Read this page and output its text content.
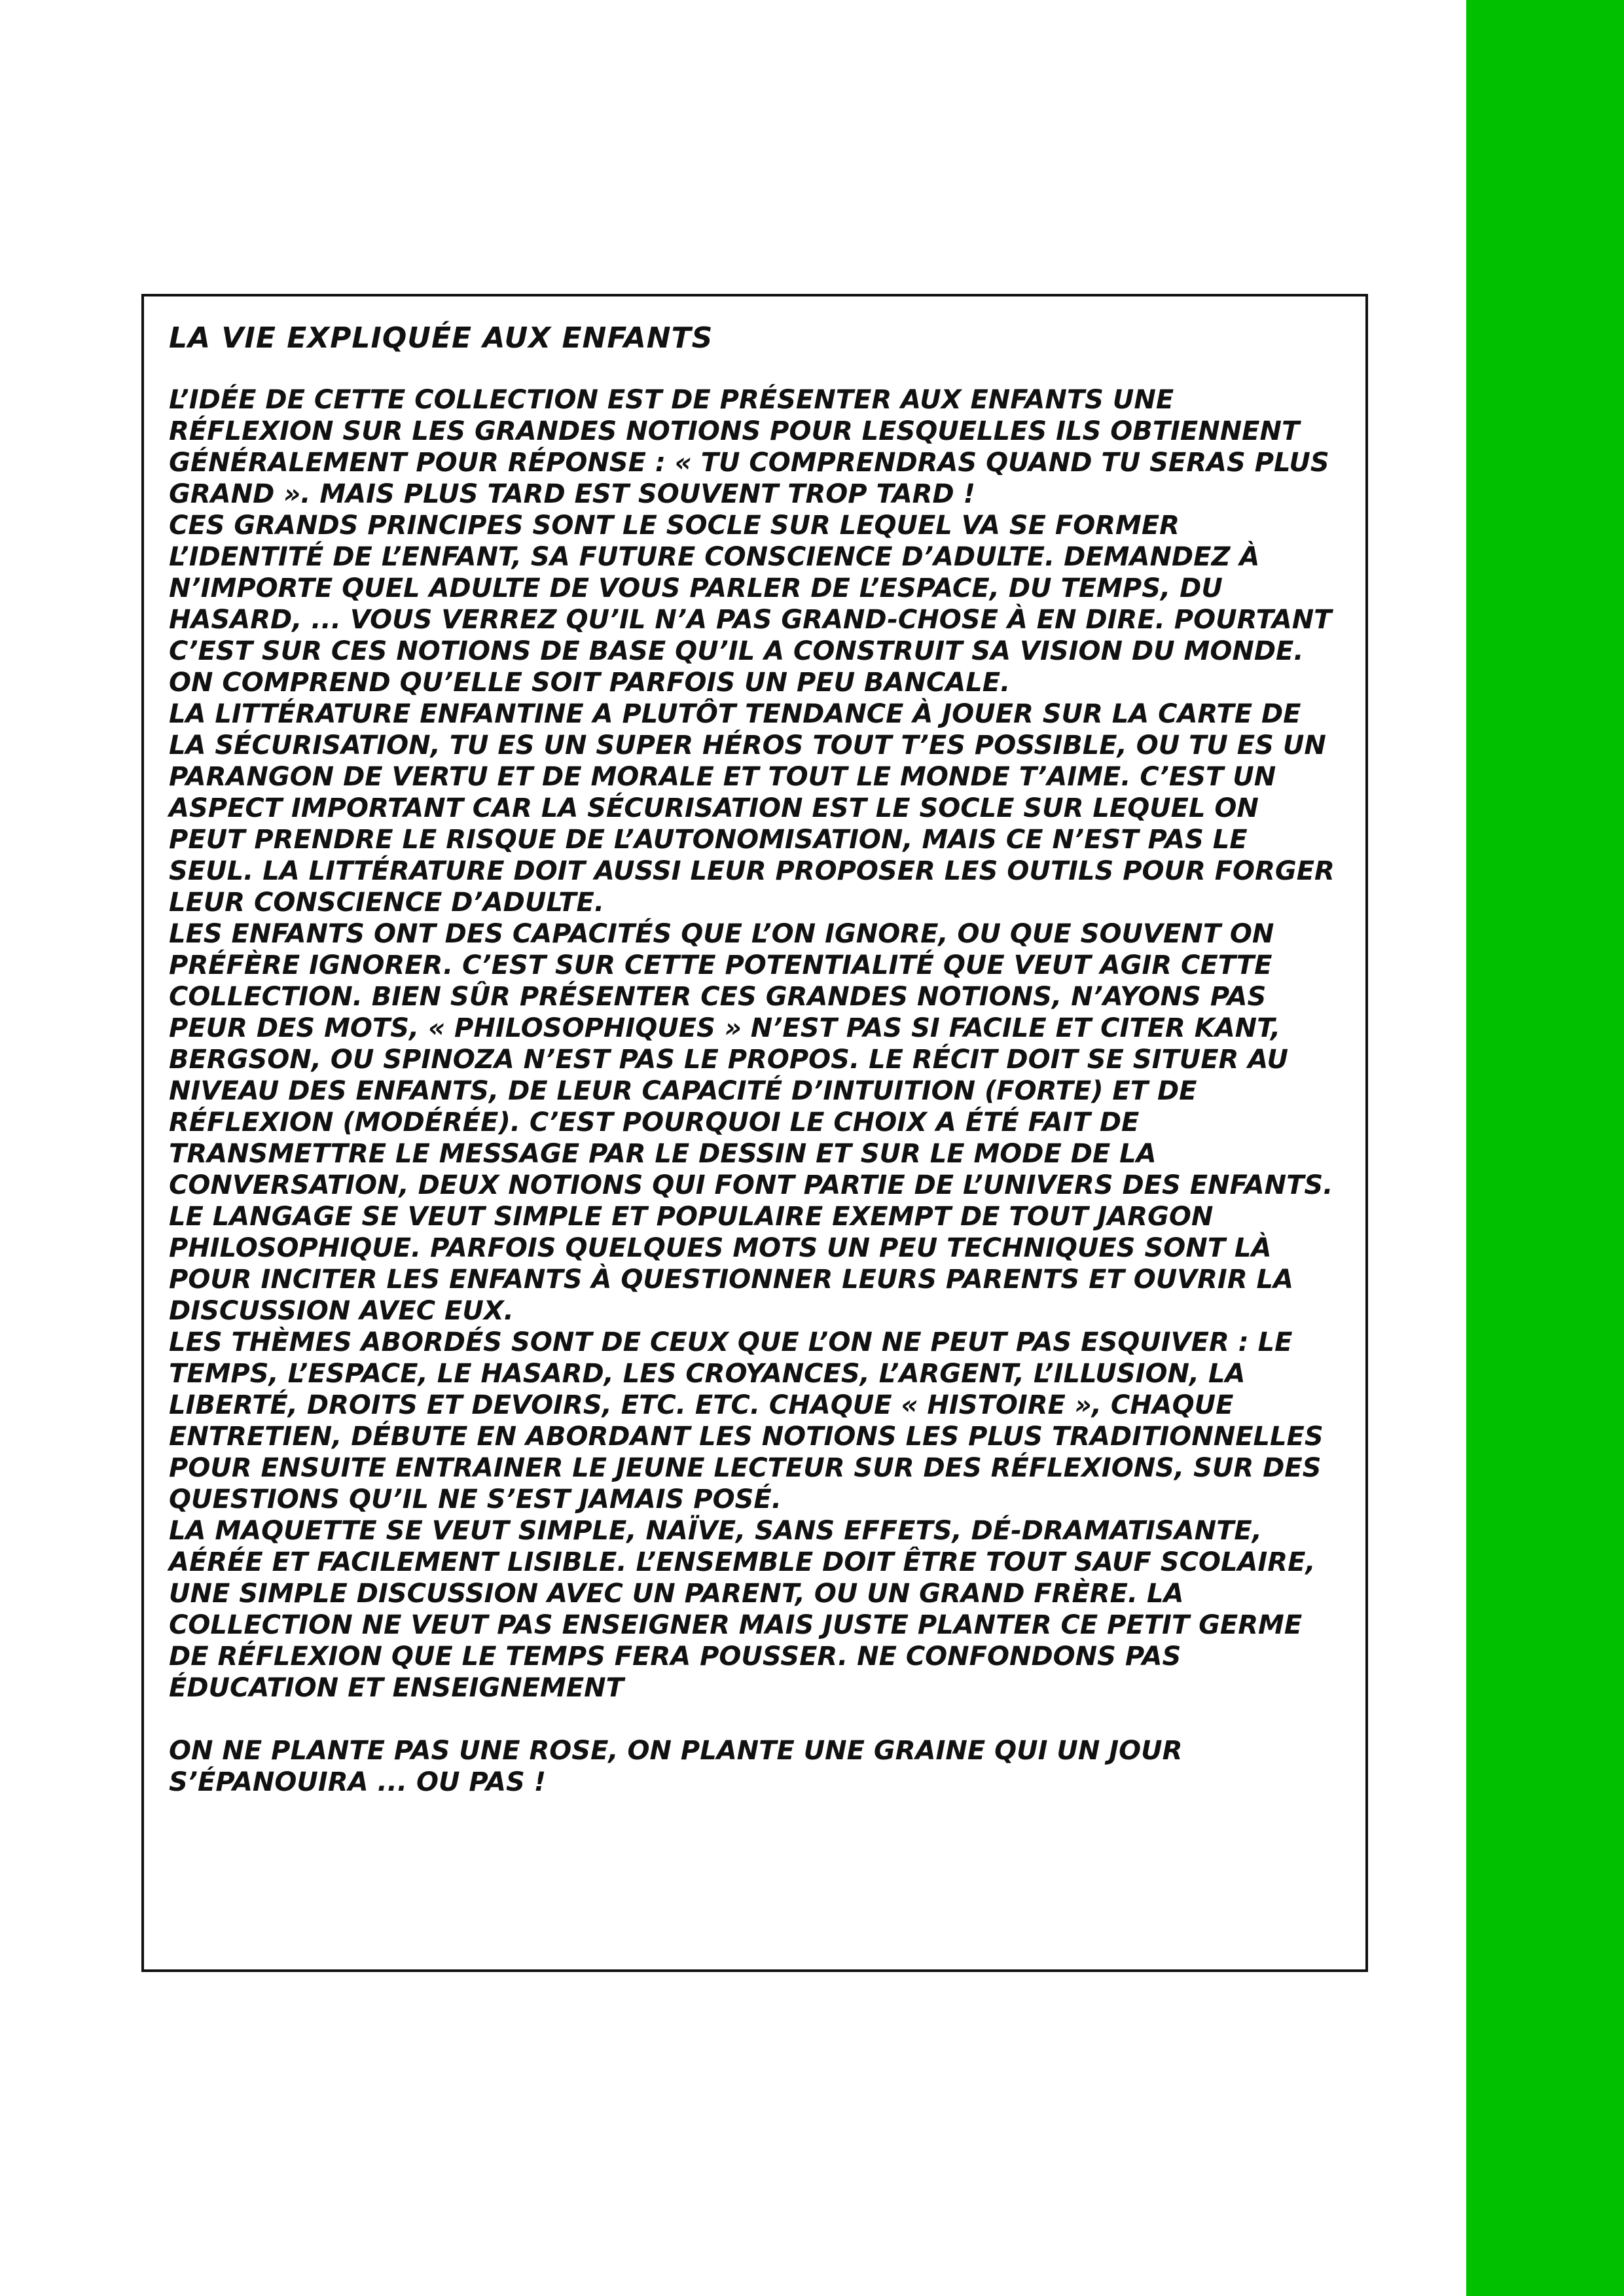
LA VIE EXPLIQUÉE AUX ENFANTS

L’IDÉE DE CETTE COLLECTION EST DE PRÉSENTER AUX ENFANTS UNE RÉFLEXION SUR LES GRANDES NOTIONS POUR LESQUELLES ILS OBTIENNENT GÉNÉRALEMENT POUR RÉPONSE : « TU COMPRENDRAS QUAND TU SERAS PLUS GRAND ». MAIS PLUS TARD EST SOUVENT TROP TARD !

CES GRANDS PRINCIPES SONT LE SOCLE SUR LEQUEL VA SE FORMER L’IDENTITÉ DE L’ENFANT, SA FUTURE CONSCIENCE D’ADULTE. DEMANDEZ À N’IMPORTE QUEL ADULTE DE VOUS PARLER DE L’ESPACE, DU TEMPS, DU HASARD, ... VOUS VERREZ QU’IL N’A PAS GRAND-CHOSE À EN DIRE. POURTANT C’EST SUR CES NOTIONS DE BASE QU’IL A CONSTRUIT SA VISION DU MONDE. ON COMPREND QU’ELLE SOIT PARFOIS UN PEU BANCALE.

LA LITTÉRATURE ENFANTINE A PLUTÔT TENDANCE À JOUER SUR LA CARTE DE LA SÉCURISATION, TU ES UN SUPER HÉROS TOUT T’ES POSSIBLE, OU TU ES UN PARANGON DE VERTU ET DE MORALE ET TOUT LE MONDE T’AIME. C’EST UN ASPECT IMPORTANT CAR LA SÉCURISATION EST LE SOCLE SUR LEQUEL ON PEUT PRENDRE LE RISQUE DE L’AUTONOMISATION, MAIS CE N’EST PAS LE SEUL. LA LITTÉRATURE DOIT AUSSI LEUR PROPOSER LES OUTILS POUR FORGER LEUR CONSCIENCE D’ADULTE.

LES ENFANTS ONT DES CAPACITÉS QUE L’ON IGNORE, OU QUE SOUVENT ON PRÉFÈRE IGNORER. C’EST SUR CETTE POTENTIALITÉ QUE VEUT AGIR CETTE COLLECTION. BIEN SÛR PRÉSENTER CES GRANDES NOTIONS, N’AYONS PAS PEUR DES MOTS, « PHILOSOPHIQUES » N’EST PAS SI FACILE ET CITER KANT, BERGSON, OU SPINOZA N’EST PAS LE PROPOS. LE RÉCIT DOIT SE SITUER AU NIVEAU DES ENFANTS, DE LEUR CAPACITÉ D’INTUITION (FORTE) ET DE RÉFLEXION (MODÉRÉE). C’EST POURQUOI LE CHOIX A ÉTÉ FAIT DE TRANSMETTRE LE MESSAGE PAR LE DESSIN ET SUR LE MODE DE LA CONVERSATION, DEUX NOTIONS QUI FONT PARTIE DE L’UNIVERS DES ENFANTS. LE LANGAGE SE VEUT SIMPLE ET POPULAIRE EXEMPT DE TOUT JARGON PHILOSOPHIQUE. PARFOIS QUELQUES MOTS UN PEU TECHNIQUES SONT LÀ POUR INCITER LES ENFANTS À QUESTIONNER LEURS PARENTS ET OUVRIR LA DISCUSSION AVEC EUX.

LES THÈMES ABORDÉS SONT DE CEUX QUE L’ON NE PEUT PAS ESQUIVER : LE TEMPS, L’ESPACE, LE HASARD, LES CROYANCES, L’ARGENT, L’ILLUSION, LA LIBERTÉ, DROITS ET DEVOIRS, ETC. ETC. CHAQUE « HISTOIRE », CHAQUE ENTRETIEN, DÉBUTE EN ABORDANT LES NOTIONS LES PLUS TRADITIONNELLES POUR ENSUITE ENTRAINER LE JEUNE LECTEUR SUR DES RÉFLEXIONS, SUR DES QUESTIONS QU’IL NE S’EST JAMAIS POSÉ.

LA MAQUETTE SE VEUT SIMPLE, NAÏVE, SANS EFFETS, DÉ-DRAMATISANTE, AÉRÉE ET FACILEMENT LISIBLE. L’ENSEMBLE DOIT ÊTRE TOUT SAUF SCOLAIRE, UNE SIMPLE DISCUSSION AVEC UN PARENT, OU UN GRAND FRÈRE. LA COLLECTION NE VEUT PAS ENSEIGNER MAIS JUSTE PLANTER CE PETIT GERME DE RÉFLEXION QUE LE TEMPS FERA POUSSER. NE CONFONDONS PAS ÉDUCATION ET ENSEIGNEMENT

ON NE PLANTE PAS UNE ROSE, ON PLANTE UNE GRAINE QUI UN JOUR S’ÉPANOUIRA ... OU PAS !
